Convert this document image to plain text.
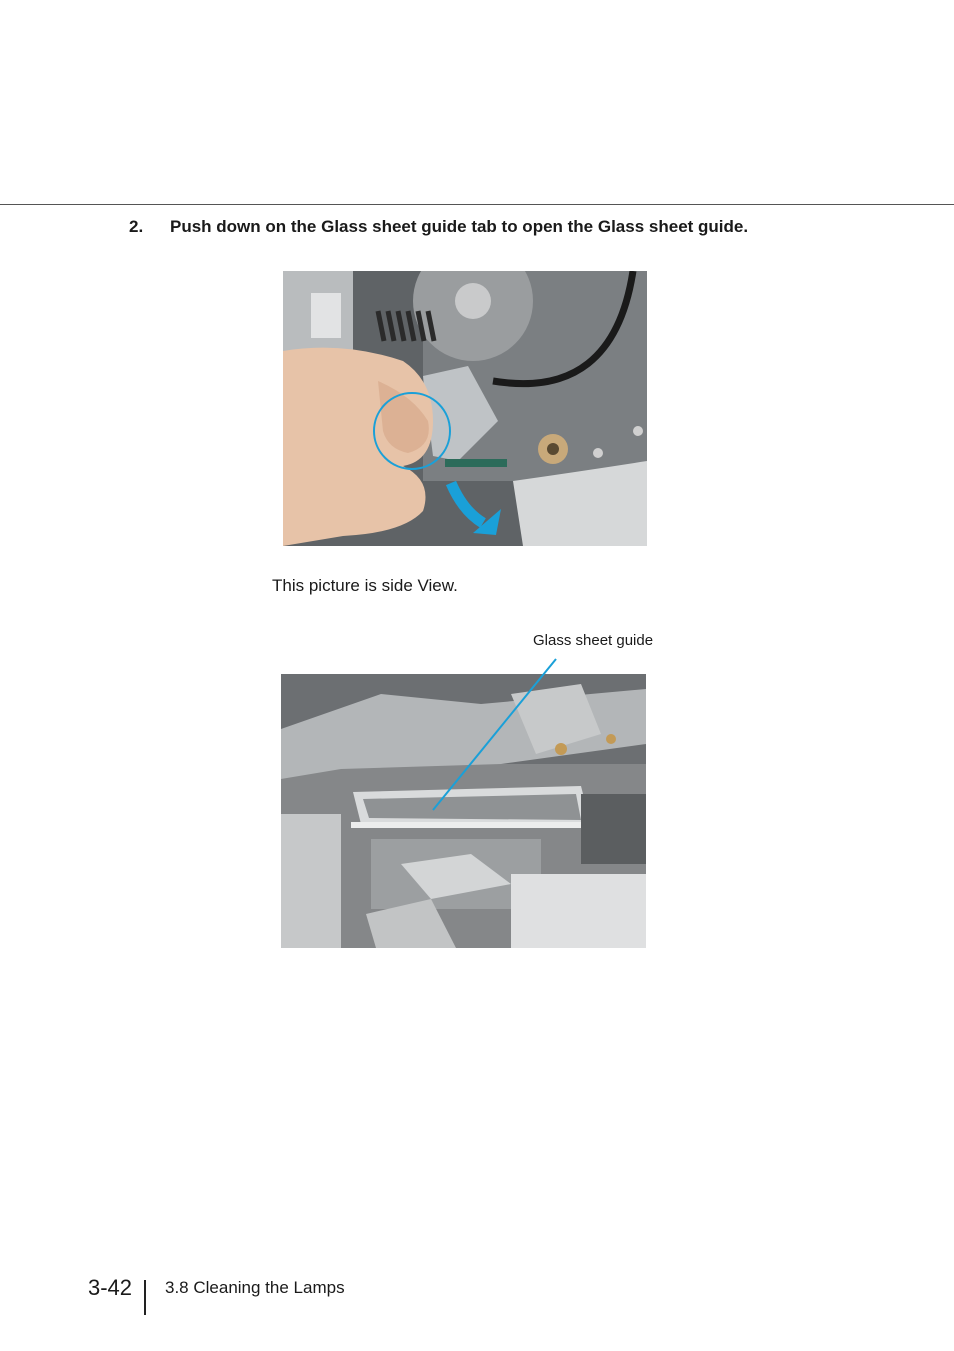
2. Push down on the Glass sheet guide tab to open the Glass sheet guide.
This picture is side View.
Glass sheet guide
3-42 3.8 Cleaning the Lamps
